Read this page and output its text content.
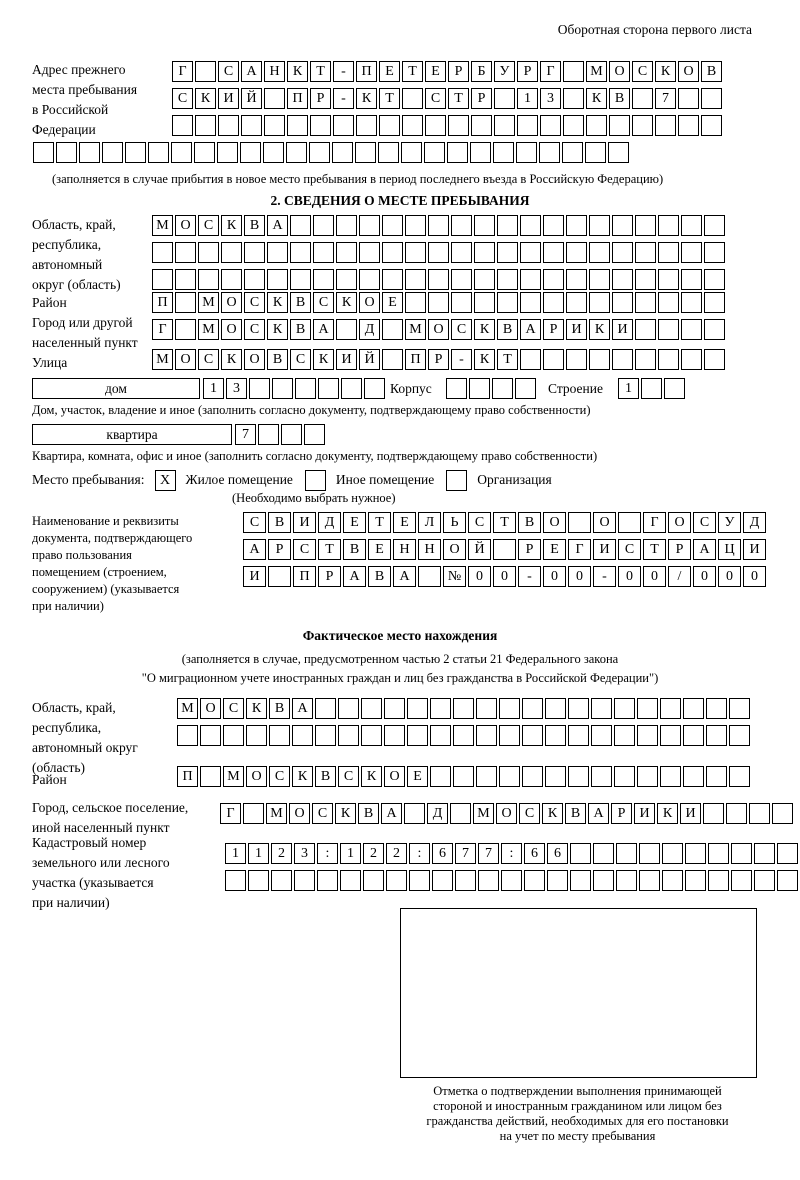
Оборотная сторона первого листа
Адрес прежнего
места пребывания
в Российской
Федерации
Г	С А Н К	Т	-	П Е	Т	Е	Р	Б	У	Р	Г	М О С К О В
С К И Й	П	Р	-	К	Т	С	Т	Р	1	3	К В	7
(заполняется в случае прибытия в новое место пребывания в период последнего въезда в Российскую Федерацию)
2. СВЕДЕНИЯ О МЕСТЕ ПРЕБЫВАНИЯ
Область, край,
республика,
автономный
округ (область)
М О С К В А
Район	П	М О С К В С К О Е
Город или другой
населенный пункт
Г	М О С К В А	Д	М О С К В А	Р	И К И
Улица	М О С К О В С К И Й	П	Р	-	К	Т
дом	1	3	Корпус	Строение	1
Дом, участок, владение и иное (заполнить согласно документу, подтверждающему право собственности)
квартира	7
Квартира, комната, офис и иное (заполнить согласно документу, подтверждающему право собственности)
Место пребывания: X Жилое помещение	Иное помещение	Организация
(Необходимо выбрать нужное)
Наименование и реквизиты
документа, подтверждающего
право пользования
помещением (строением,
сооружением) (указывается
при наличии)
С	В	И	Д	Е	Т	Е	Л	Ь	С	Т	В	О	О	Г	О	С	У	Д
А	Р	С	Т	В	Е	Н	Н	О	Й	Р	Е	Г	И	С	Т	Р	А	Ц	И
И	П	Р	А	В	А	№	0	0	-	0	0	-	0	0	/	0	0	0
Фактическое место нахождения
(заполняется в случае, предусмотренном частью 2 статьи 21 Федерального закона
"О миграционном учете иностранных граждан и лиц без гражданства в Российской Федерации")
Область, край,
республика,
автономный округ
(область)
М О С К В А
Район	П	М О С К В С К О Е
Город, сельское поселение,
иной населенный пункт
Г	М О С К В А	Д	М О С К В А	Р	И К И
Кадастровый номер
земельного или лесного
участка (указывается
при наличии)
1	1	2	3	:	1	2	2	:	6	7	7	:	6	6
Отметка о подтверждении выполнения принимающей
стороной и иностранным гражданином или лицом без
гражданства действий, необходимых для его постановки
на учет по месту пребывания
